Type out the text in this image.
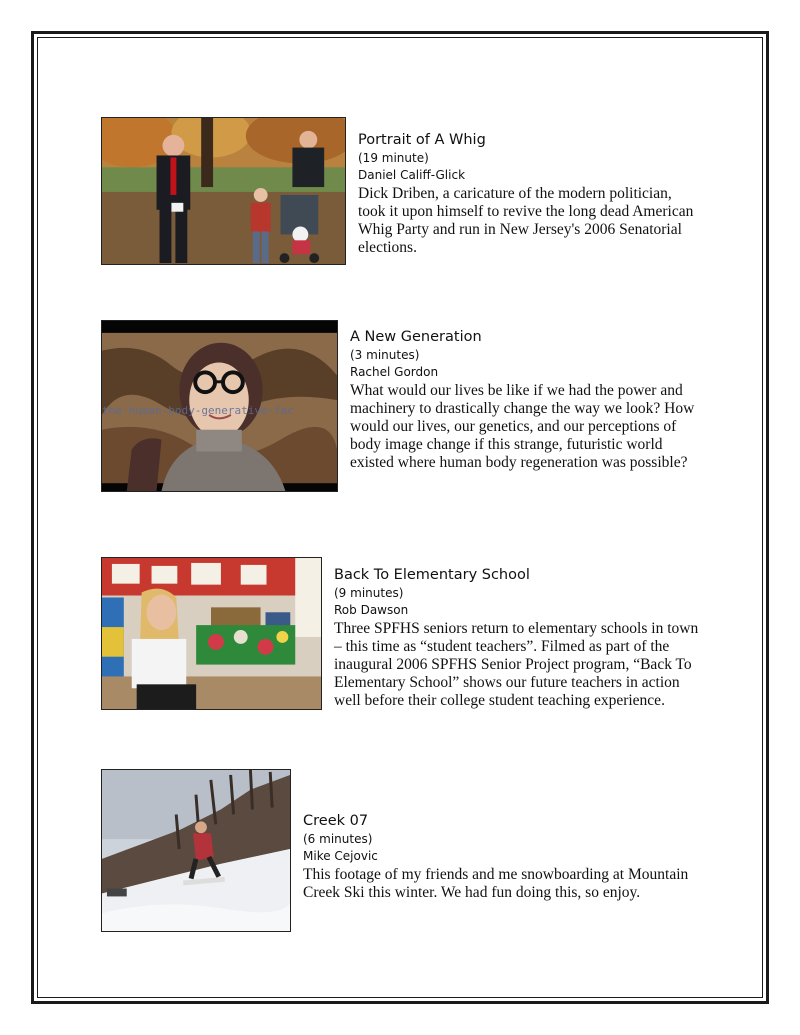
Portrait of A Whig
(19 minute)
Daniel Califf-Glick
Dick Driben, a caricature of the modern politician,
took it upon himself to revive the long dead American
Whig Party and run in New Jersey's 2006 Senatorial
elections.
the-human-body-generative-fac
A New Generation
(3 minutes)
Rachel Gordon
What would our lives be like if we had the power and
machinery to drastically change the way we look? How
would our lives, our genetics, and our perceptions of
body image change if this strange, futuristic world
existed where human body regeneration was possible?
Back To Elementary School
(9 minutes)
Rob Dawson
Three SPFHS seniors return to elementary schools in town
– this time as “student teachers”. Filmed as part of the
inaugural 2006 SPFHS Senior Project program, “Back To
Elementary School” shows our future teachers in action
well before their college student teaching experience.
Creek 07
(6 minutes)
Mike Cejovic
This footage of my friends and me snowboarding at Mountain
Creek Ski this winter. We had fun doing this, so enjoy.
